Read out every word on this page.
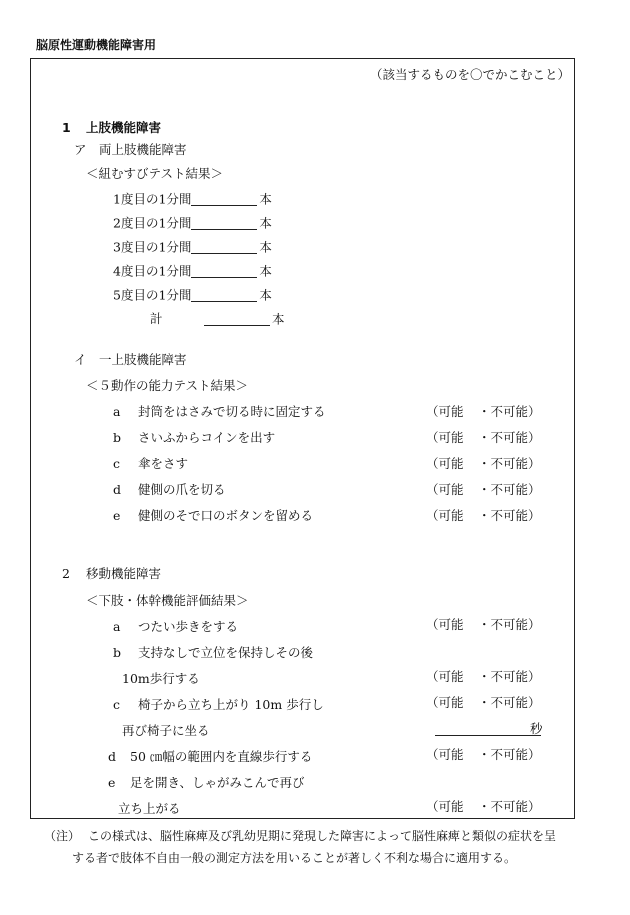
脳原性運動機能障害用
（該当するものを〇でかこむこと）
1 上肢機能障害
ア　両上肢機能障害
＜紐むすびテスト結果＞
1度目の1分間	本
2度目の1分間	本
3度目の1分間	本
4度目の1分間	本
5度目の1分間	本
計	本
イ　一上肢機能障害
＜５動作の能力テスト結果＞
a 封筒をはさみで切る時に固定する	（可能 ・不可能）
b さいふからコインを出す	（可能 ・不可能）
c 傘をさす	（可能 ・不可能）
d 健側の爪を切る	（可能 ・不可能）
e 健側のそで口のボタンを留める	（可能 ・不可能）
2 移動機能障害
＜下肢・体幹機能評価結果＞
a つたい歩きをする	（可能 ・不可能）
b 支持なしで立位を保持しその後
10m歩行する	（可能 ・不可能）
c 椅子から立ち上がり 10m 歩行し	（可能 ・不可能）
再び椅子に坐る	秒
d 50 ㎝幅の範囲内を直線歩行する	（可能 ・不可能）
e 足を開き、しゃがみこんで再び
立ち上がる	（可能 ・不可能）
（注） この様式は、脳性麻痺及び乳幼児期に発現した障害によって脳性麻痺と類似の症状を呈
する者で肢体不自由一般の測定方法を用いることが著しく不利な場合に適用する。
